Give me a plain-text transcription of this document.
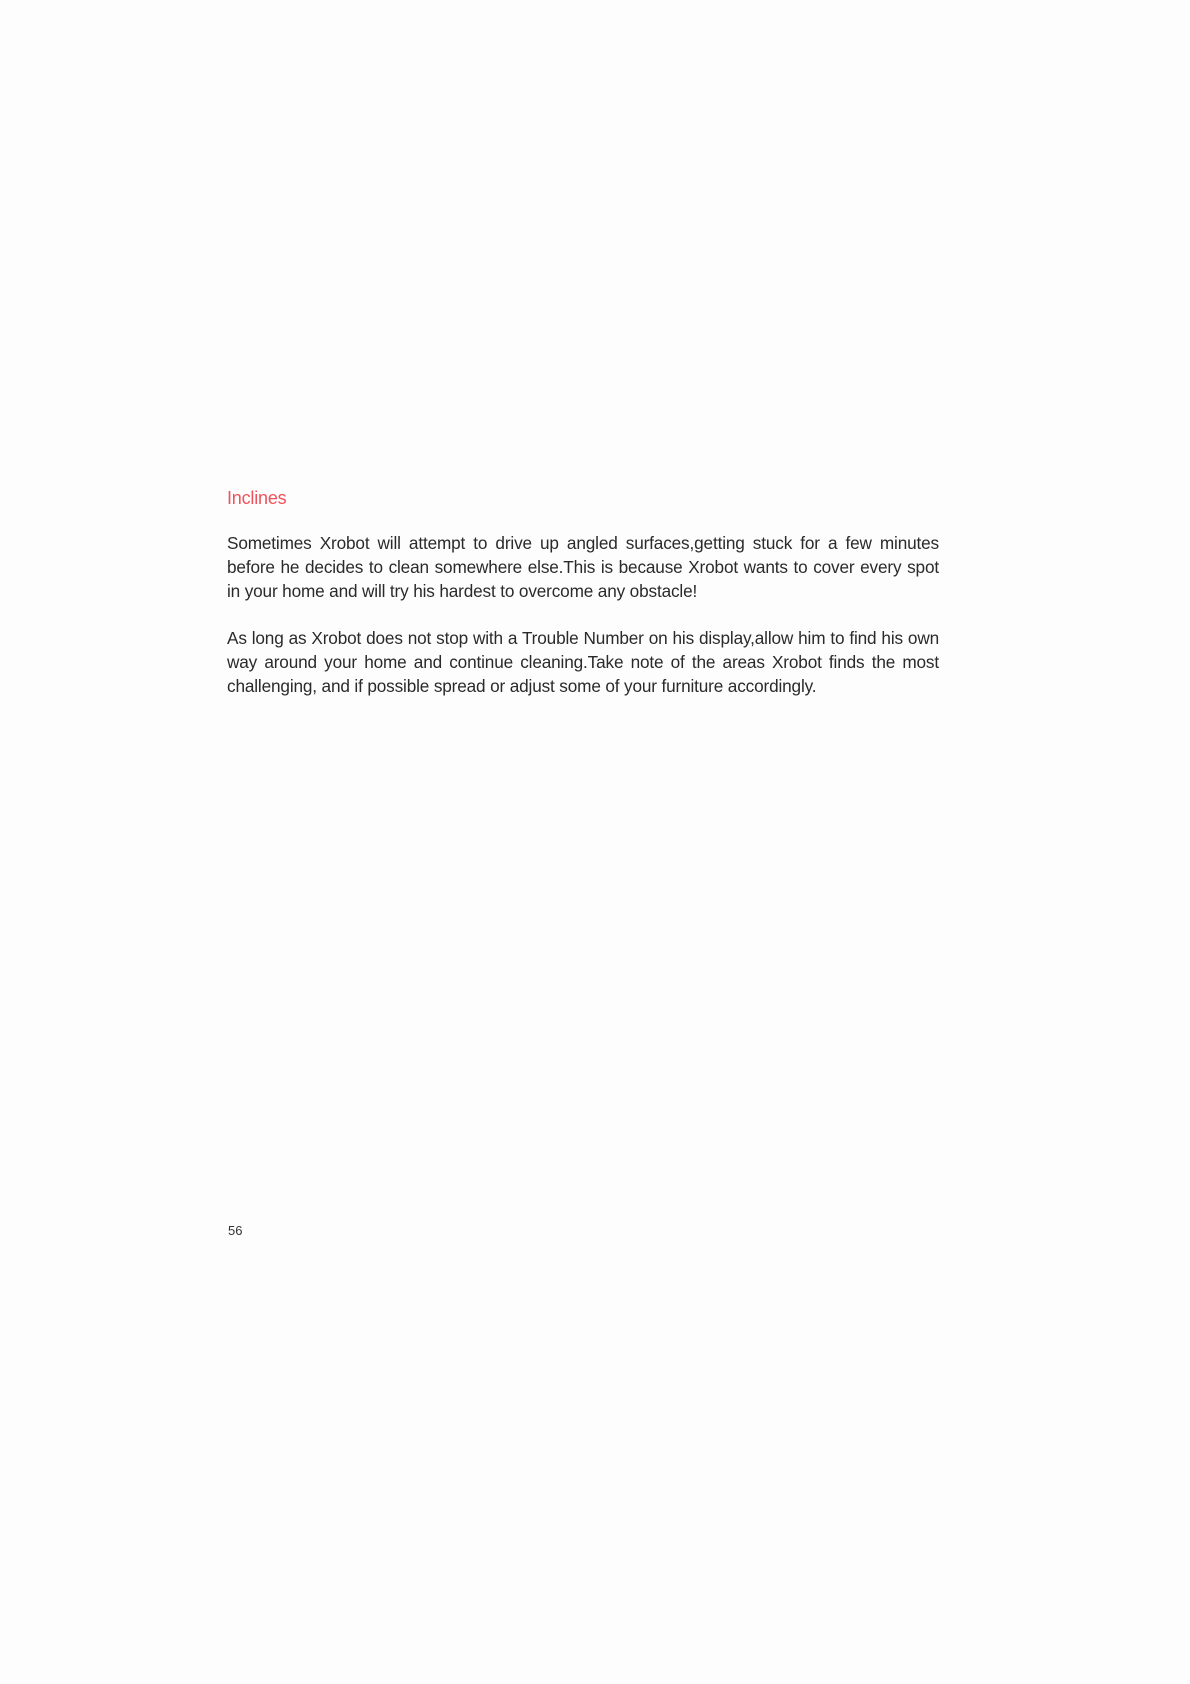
Inclines

Sometimes Xrobot will attempt to drive up angled surfaces,getting stuck for a few minutes before he decides to clean somewhere else.This is because Xrobot wants to cover every spot in your home and will try his hardest to overcome any obstacle!

As long as Xrobot does not stop with a Trouble Number on his display,allow him to find his own way around your home and continue cleaning.Take note of the areas Xrobot finds the most challenging, and if possible spread or adjust some of your furniture accordingly.

56
